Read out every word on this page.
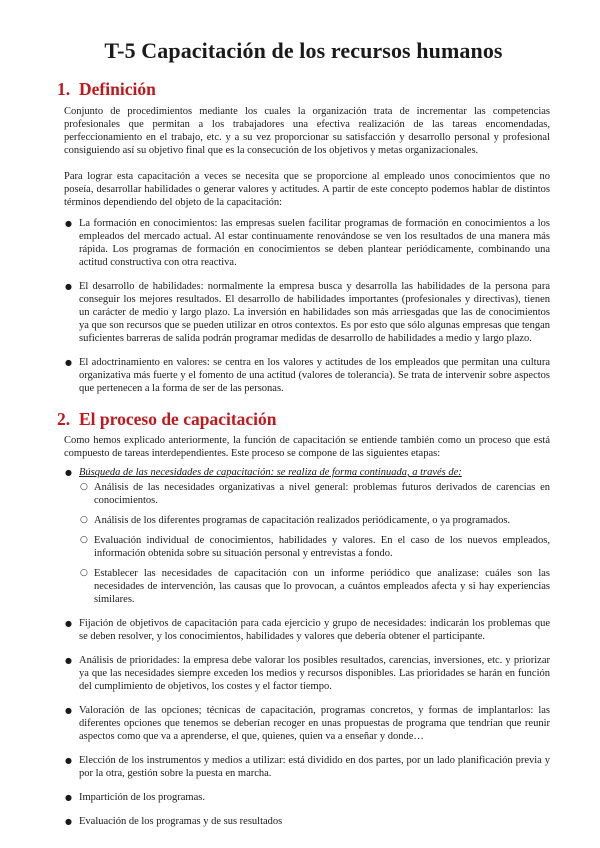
T-5 Capacitación de los recursos humanos
1. Definición

Conjunto de procedimientos mediante los cuales la organización trata de incrementar las competencias profesionales que permitan a los trabajadores una efectiva realización de las tareas encomendadas, perfeccionamiento en el trabajo, etc. y a su vez proporcionar su satisfacción y desarrollo personal y profesional consiguiendo así su objetivo final que es la consecución de los objetivos y metas organizacionales.

Para lograr esta capacitación a veces se necesita que se proporcione al empleado unos conocimientos que no poseía, desarrollar habilidades o generar valores y actitudes. A partir de este concepto podemos hablar de distintos términos dependiendo del objeto de la capacitación:

● La formación en conocimientos: las empresas suelen facilitar programas de formación en conocimientos a los empleados del mercado actual. Al estar continuamente renovándose se ven los resultados de una manera más rápida. Los programas de formación en conocimientos se deben plantear periódicamente, combinando una actitud constructiva con otra reactiva.
● El desarrollo de habilidades: normalmente la empresa busca y desarrolla las habilidades de la persona para conseguir los mejores resultados. El desarrollo de habilidades importantes (profesionales y directivas), tienen un carácter de medio y largo plazo. La inversión en habilidades son más arriesgadas que las de conocimientos ya que son recursos que se pueden utilizar en otros contextos. Es por esto que sólo algunas empresas que tengan suficientes barreras de salida podrán programar medidas de desarrollo de habilidades a medio y largo plazo.
● El adoctrinamiento en valores: se centra en los valores y actitudes de los empleados que permitan una cultura organizativa más fuerte y el fomento de una actitud (valores de tolerancia). Se trata de intervenir sobre aspectos que pertenecen a la forma de ser de las personas.
2. El proceso de capacitación

Como hemos explicado anteriormente, la función de capacitación se entiende también como un proceso que está compuesto de tareas interdependientes. Este proceso se compone de las siguientes etapas:

● Búsqueda de las necesidades de capacitación: se realiza de forma continuada, a través de:
○ Análisis de las necesidades organizativas a nivel general: problemas futuros derivados de carencias en conocimientos.
○ Análisis de los diferentes programas de capacitación realizados periódicamente, o ya programados.
○ Evaluación individual de conocimientos, habilidades y valores. En el caso de los nuevos empleados, información obtenida sobre su situación personal y entrevistas a fondo.
○ Establecer las necesidades de capacitación con un informe periódico que analizase: cuáles son las necesidades de intervención, las causas que lo provocan, a cuántos empleados afecta y si hay experiencias similares.
● Fijación de objetivos de capacitación para cada ejercicio y grupo de necesidades: indicarán los problemas que se deben resolver, y los conocimientos, habilidades y valores que debería obtener el participante.
● Análisis de prioridades: la empresa debe valorar los posibles resultados, carencias, inversiones, etc. y priorizar ya que las necesidades siempre exceden los medios y recursos disponibles. Las prioridades se harán en función del cumplimiento de objetivos, los costes y el factor tiempo.
● Valoración de las opciones; técnicas de capacitación, programas concretos, y formas de implantarlos: las diferentes opciones que tenemos se deberían recoger en unas propuestas de programa que tendrían que reunir aspectos como que va a aprenderse, el que, quienes, quien va a enseñar y donde…
● Elección de los instrumentos y medios a utilizar: está dividido en dos partes, por un lado planificación previa y por la otra, gestión sobre la puesta en marcha.
● Impartición de los programas.
● Evaluación de los programas y de sus resultados
